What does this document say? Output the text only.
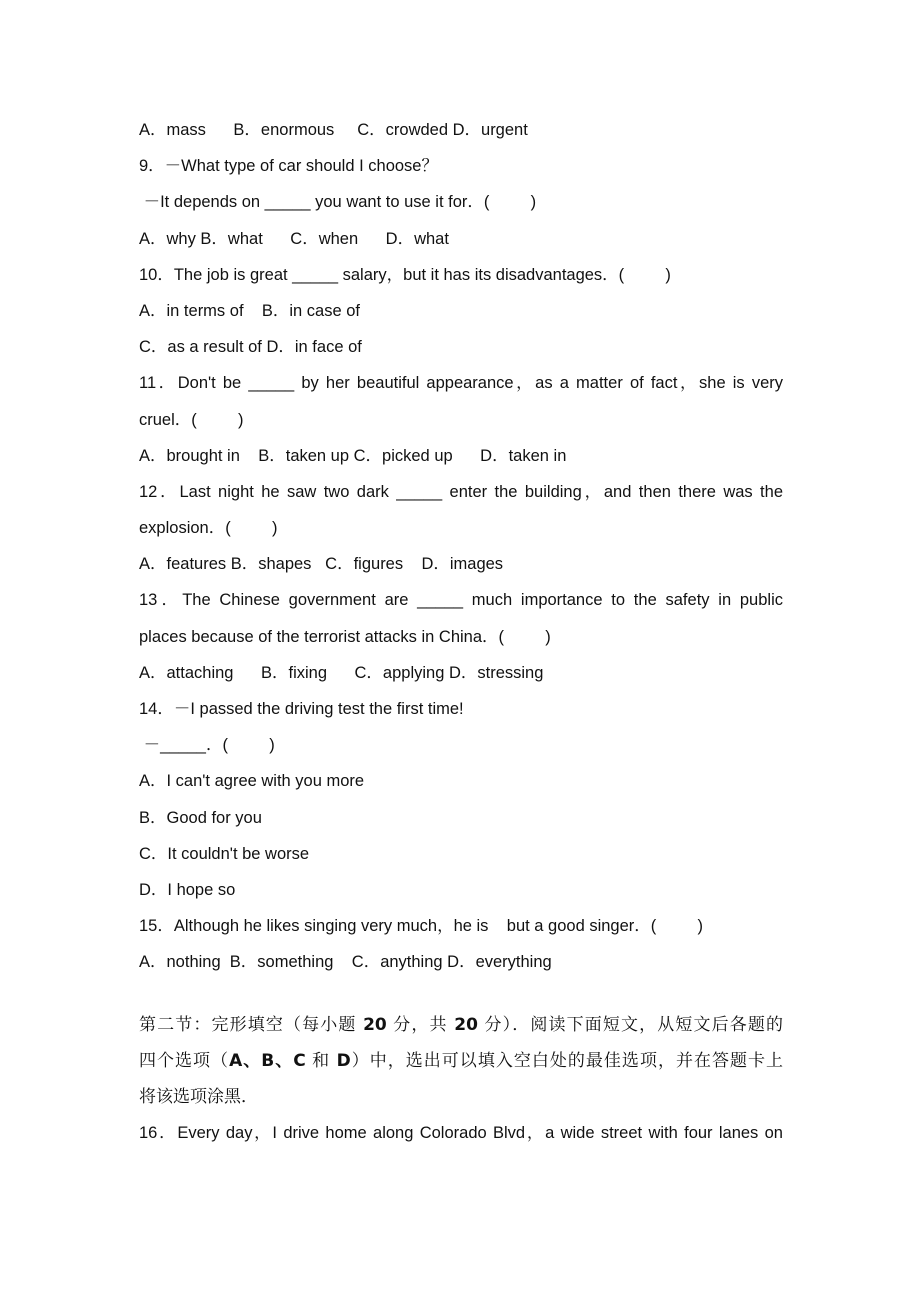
A．mass      B．enormous     C．crowded D．urgent
9．－What type of car should I choose？
－It depends on _____ you want to use it for．(         )
A．why B．what      C．when      D．what
10．The job is great _____ salary，but it has its disadvantages．(         )
A．in terms of    B．in case of
C．as a result of D．in face of
11．Don't be _____ by her beautiful appearance，as a matter of fact，she is very
cruel．(         )
A．brought in    B．taken up C．picked up      D．taken in
12．Last night he saw two dark _____ enter the building，and then there was the
explosion．(         )
A．features B．shapes   C．figures    D．images
13．The Chinese government are _____ much importance to the safety in public
places because of the terrorist attacks in China．(         )
A．attaching      B．fixing      C．applying D．stressing
14．－I passed the driving test the first time!
－_____．(         )
A．I can't agree with you more
B．Good for you
C．It couldn't be worse
D．I hope so
15．Although he likes singing very much，he is    but a good singer．(         )
A．nothing  B．something    C．anything D．everything
第二节：完形填空（每小题 20 分，共 20 分）．阅读下面短文，从短文后各题的
四个选项（A、B、C 和 D）中，选出可以填入空白处的最佳选项，并在答题卡上
将该选项涂黑．
16．Every day，I drive home along Colorado Blvd，a wide street with four lanes on
